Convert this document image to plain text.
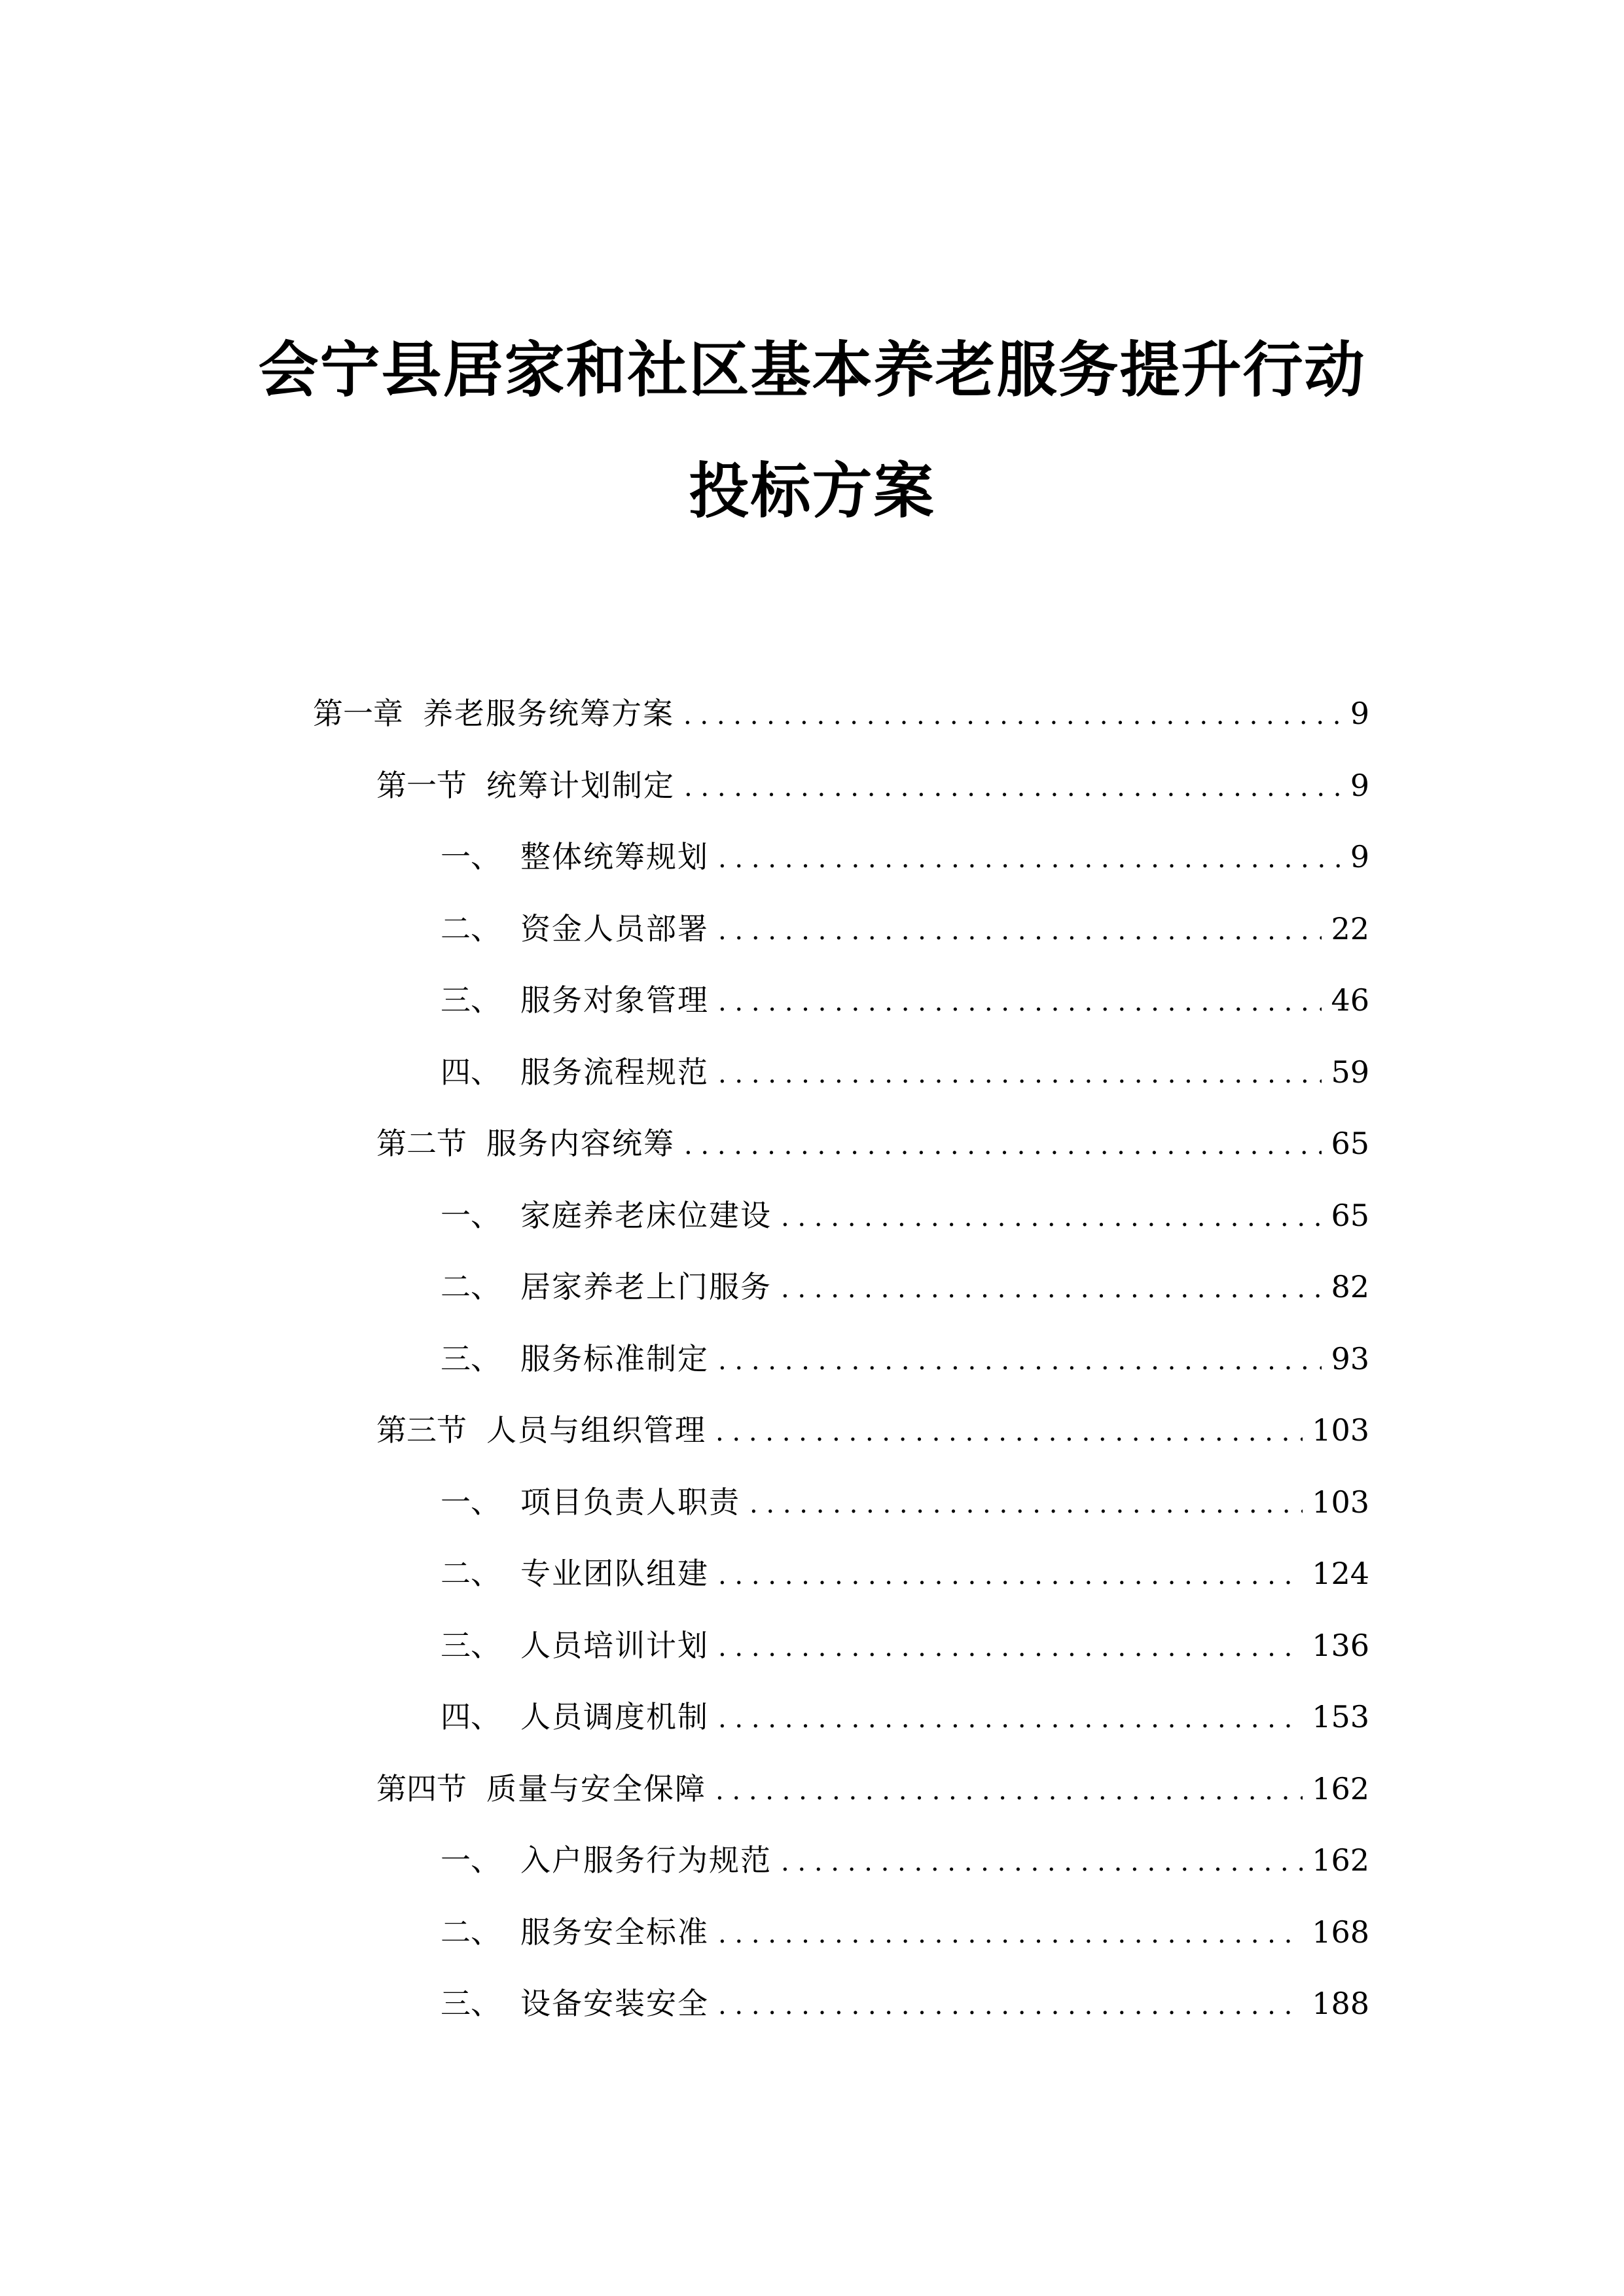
会宁县居家和社区基本养老服务提升行动
投标方案
第一章 养老服务统筹方案 . . .	9
第一节 统筹计划制定 . . .	9
一、 整体统筹规划 . . .	9
二、 资金人员部署 . . .	22
三、 服务对象管理 . . .	46
四、 服务流程规范 . . .	59
第二节 服务内容统筹 . . .	65
一、 家庭养老床位建设 . . .	65
二、 居家养老上门服务 . . .	82
三、 服务标准制定 . . .	93
第三节 人员与组织管理 . . .	103
一、 项目负责人职责 . . .	103
二、 专业团队组建 . . .	124
三、 人员培训计划 . . .	136
四、 人员调度机制 . . .	153
第四节 质量与安全保障 . . .	162
一、 入户服务行为规范 . . .	162
二、 服务安全标准 . . .	168
三、 设备安装安全 . . .	188
